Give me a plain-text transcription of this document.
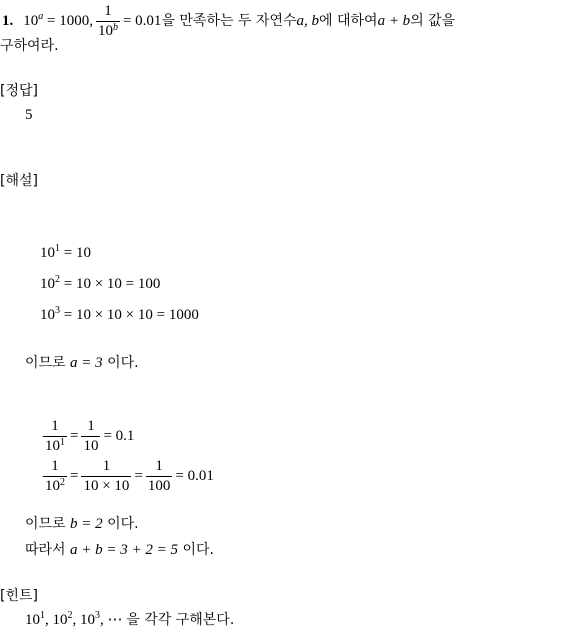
1. $10^a = 1000$, $\frac{1}{10^b} = 0.01$ 을 만족하는 두 자연수 a, b 에 대하여 a + b 의 값을
구하여라.
[정답]
5
[해설]
$10^1 = 10$
$10^2 = 10 \times 10 = 100$
$10^3 = 10 \times 10 \times 10 = 1000$
이므로 a = 3 이다.
$\frac{1}{10^1} = \frac{1}{10} = 0.1$
$\frac{1}{10^2} = \frac{1}{10 \times 10} = \frac{1}{100} = 0.01$
이므로 b = 2 이다.
따라서 a + b = 3 + 2 = 5 이다.
[힌트]
$10^1$, $10^2$, $10^3$, ⋯ 을 각각 구해본다.
